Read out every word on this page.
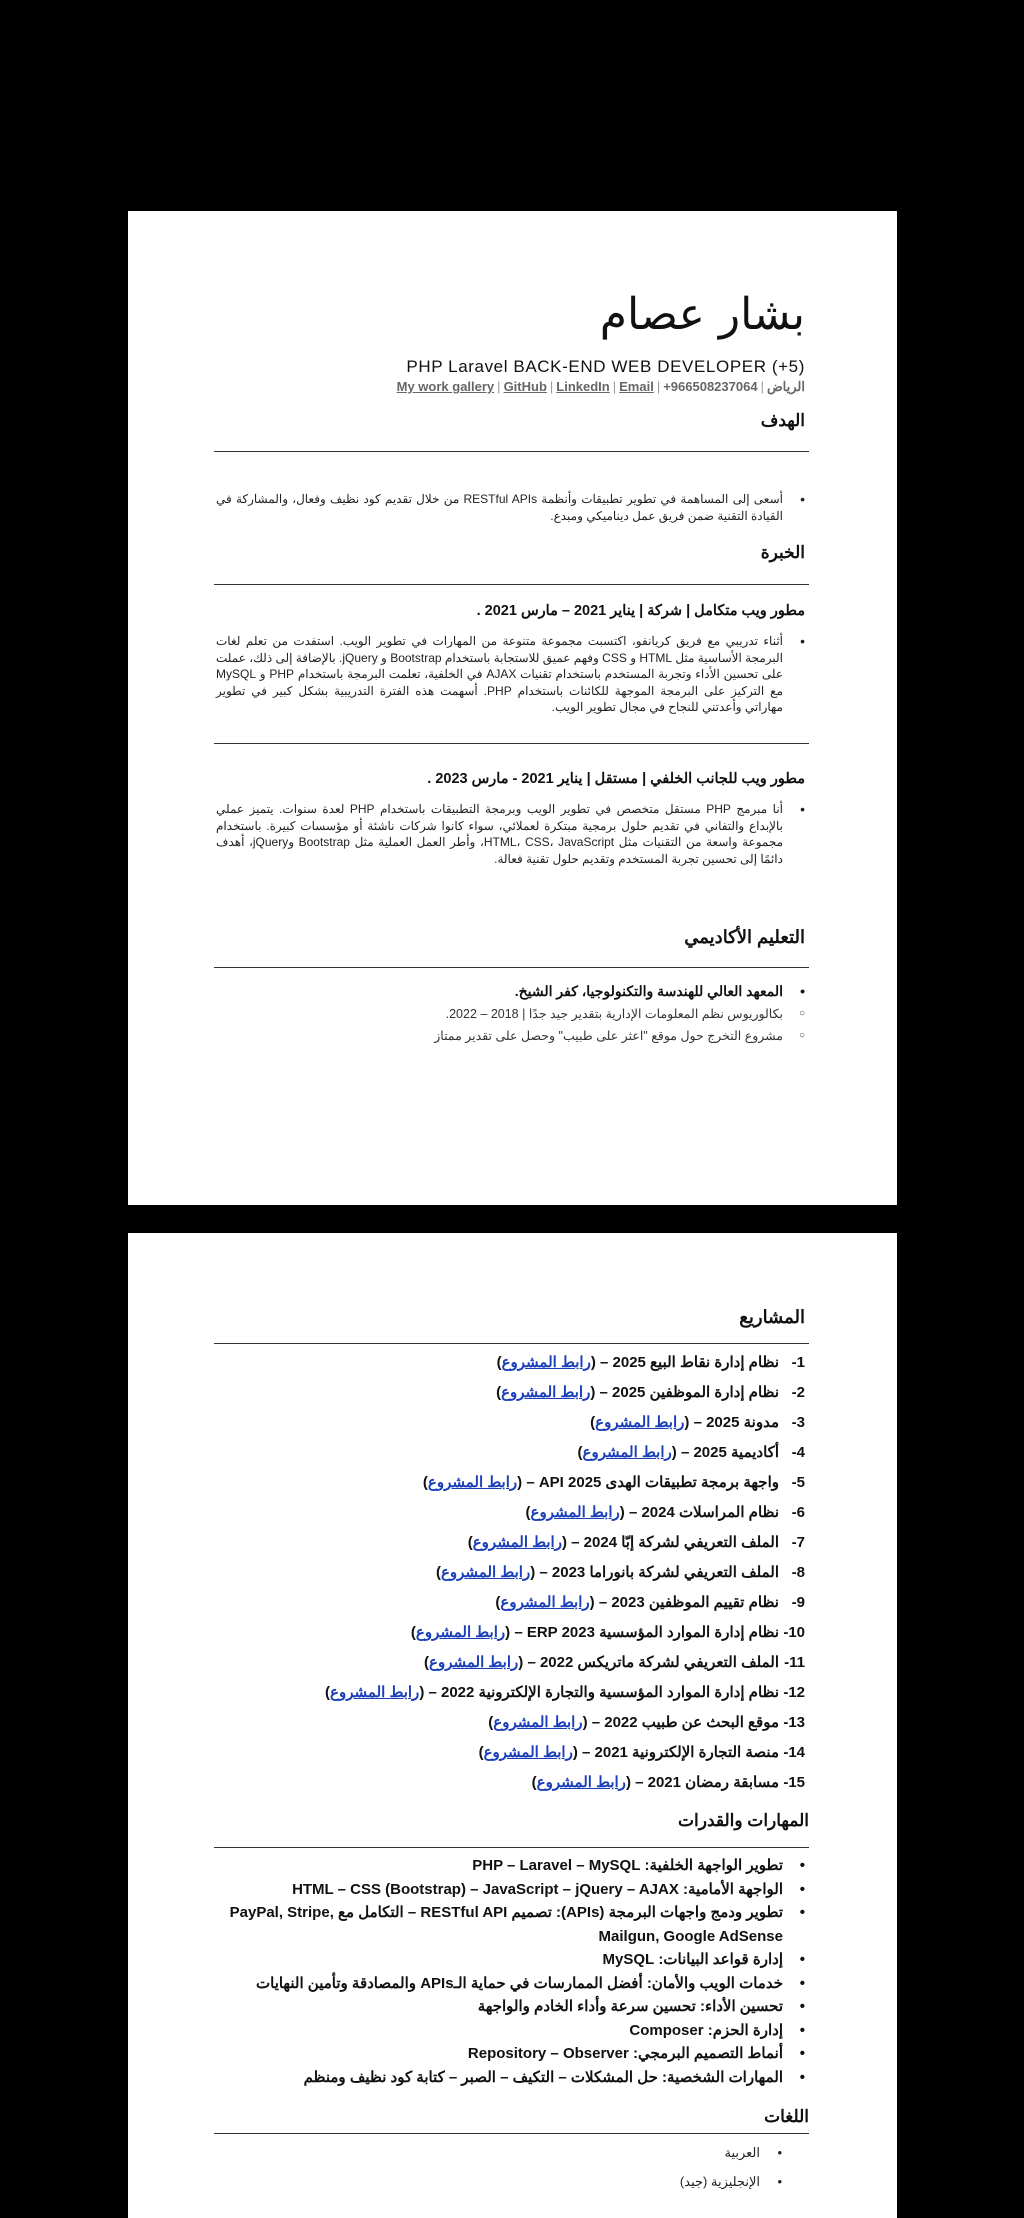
بشار عصام
PHP Laravel BACK-END WEB DEVELOPER (+5)
الرياض|My work gallery | GitHub | LinkedIn | Email | +966508237064
الهدف

• أسعى إلى المساهمة في تطوير تطبيقات وأنظمة RESTful APIs من خلال تقديم كود نظيف وفعال، والمشاركة في القيادة التقنية ضمن فريق عمل ديناميكي ومبدع.

الخبرة
مطور ويب متكامل | شركة | يناير 2021 – مارس 2021 .

• أثناء تدريبي مع فريق كريانفو، اكتسبت مجموعة متنوعة من المهارات في تطوير الويب. استفدت من تعلم لغات البرمجة الأساسية مثل HTML و CSS وفهم عميق للاستجابة باستخدام Bootstrap و jQuery. بالإضافة إلى ذلك، عملت على تحسين الأداء وتجربة المستخدم باستخدام تقنيات AJAX في الخلفية، تعلمت البرمجة باستخدام PHP و MySQL مع التركيز على البرمجة الموجهة للكائنات باستخدام PHP. أسهمت هذه الفترة التدريبية بشكل كبير في تطوير مهاراتي وأعدتني للنجاح في مجال تطوير الويب.

مطور ويب للجانب الخلفي | مستقل | يناير 2021 - مارس 2023 .

• أنا مبرمج PHP مستقل متخصص في تطوير الويب وبرمجة التطبيقات باستخدام PHP لعدة سنوات. يتميز عملي بالإبداع والتفاني في تقديم حلول برمجية مبتكرة لعملائي، سواء كانوا شركات ناشئة أو مؤسسات كبيرة. باستخدام مجموعة واسعة من التقنيات مثل HTML، CSS، JavaScript، وأطر العمل العملية مثل Bootstrap وjQuery، أهدف دائمًا إلى تحسين تجربة المستخدم وتقديم حلول تقنية فعالة.

التعليم الأكاديمي
• المعهد العالي للهندسة والتكنولوجيا، كفر الشيخ.
○ بكالوريوس نظم المعلومات الإدارية بتقدير جيد جدًا | 2018 – 2022.
○ مشروع التخرج حول موقع "اعثر على طبيب" وحصل على تقدير ممتاز
المشاريع
1-نظام إدارة نقاط البيع 2025 – (رابط المشروع)
2-نظام إدارة الموظفين 2025 – (رابط المشروع)
3-مدونة 2025 – (رابط المشروع)
4-أكاديمية 2025 – (رابط المشروع)
5-واجهة برمجة تطبيقات الهدى API 2025 – (رابط المشروع)
6-نظام المراسلات 2024 – (رابط المشروع)
7-الملف التعريفي لشركة إبّا 2024 – (رابط المشروع)
8-الملف التعريفي لشركة بانوراما 2023 – (رابط المشروع)
9-نظام تقييم الموظفين 2023 – (رابط المشروع)
10-نظام إدارة الموارد المؤسسية ERP 2023 – (رابط المشروع)
11-الملف التعريفي لشركة ماتريكس 2022 – (رابط المشروع)
12-نظام إدارة الموارد المؤسسية والتجارة الإلكترونية 2022 – (رابط المشروع)
13-موقع البحث عن طبيب 2022 – (رابط المشروع)
14-منصة التجارة الإلكترونية 2021 – (رابط المشروع)
15-مسابقة رمضان 2021 – (رابط المشروع)
المهارات والقدرات
• تطوير الواجهة الخلفية: PHP – Laravel – MySQL
• الواجهة الأمامية: HTML – CSS (Bootstrap) – JavaScript – jQuery – AJAX
• تطوير ودمج واجهات البرمجة (APIs): تصميم RESTful API – التكامل مع PayPal, Stripe, Mailgun, Google AdSense
• إدارة قواعد البيانات: MySQL
• خدمات الويب والأمان: أفضل الممارسات في حماية الـAPIs والمصادقة وتأمين النهايات
• تحسين الأداء: تحسين سرعة وأداء الخادم والواجهة
• إدارة الحزم: Composer
• أنماط التصميم البرمجي: Repository – Observer
• المهارات الشخصية: حل المشكلات – التكيف – الصبر – كتابة كود نظيف ومنظم
اللغات
• العربية
• الإنجليزية (جيد)
